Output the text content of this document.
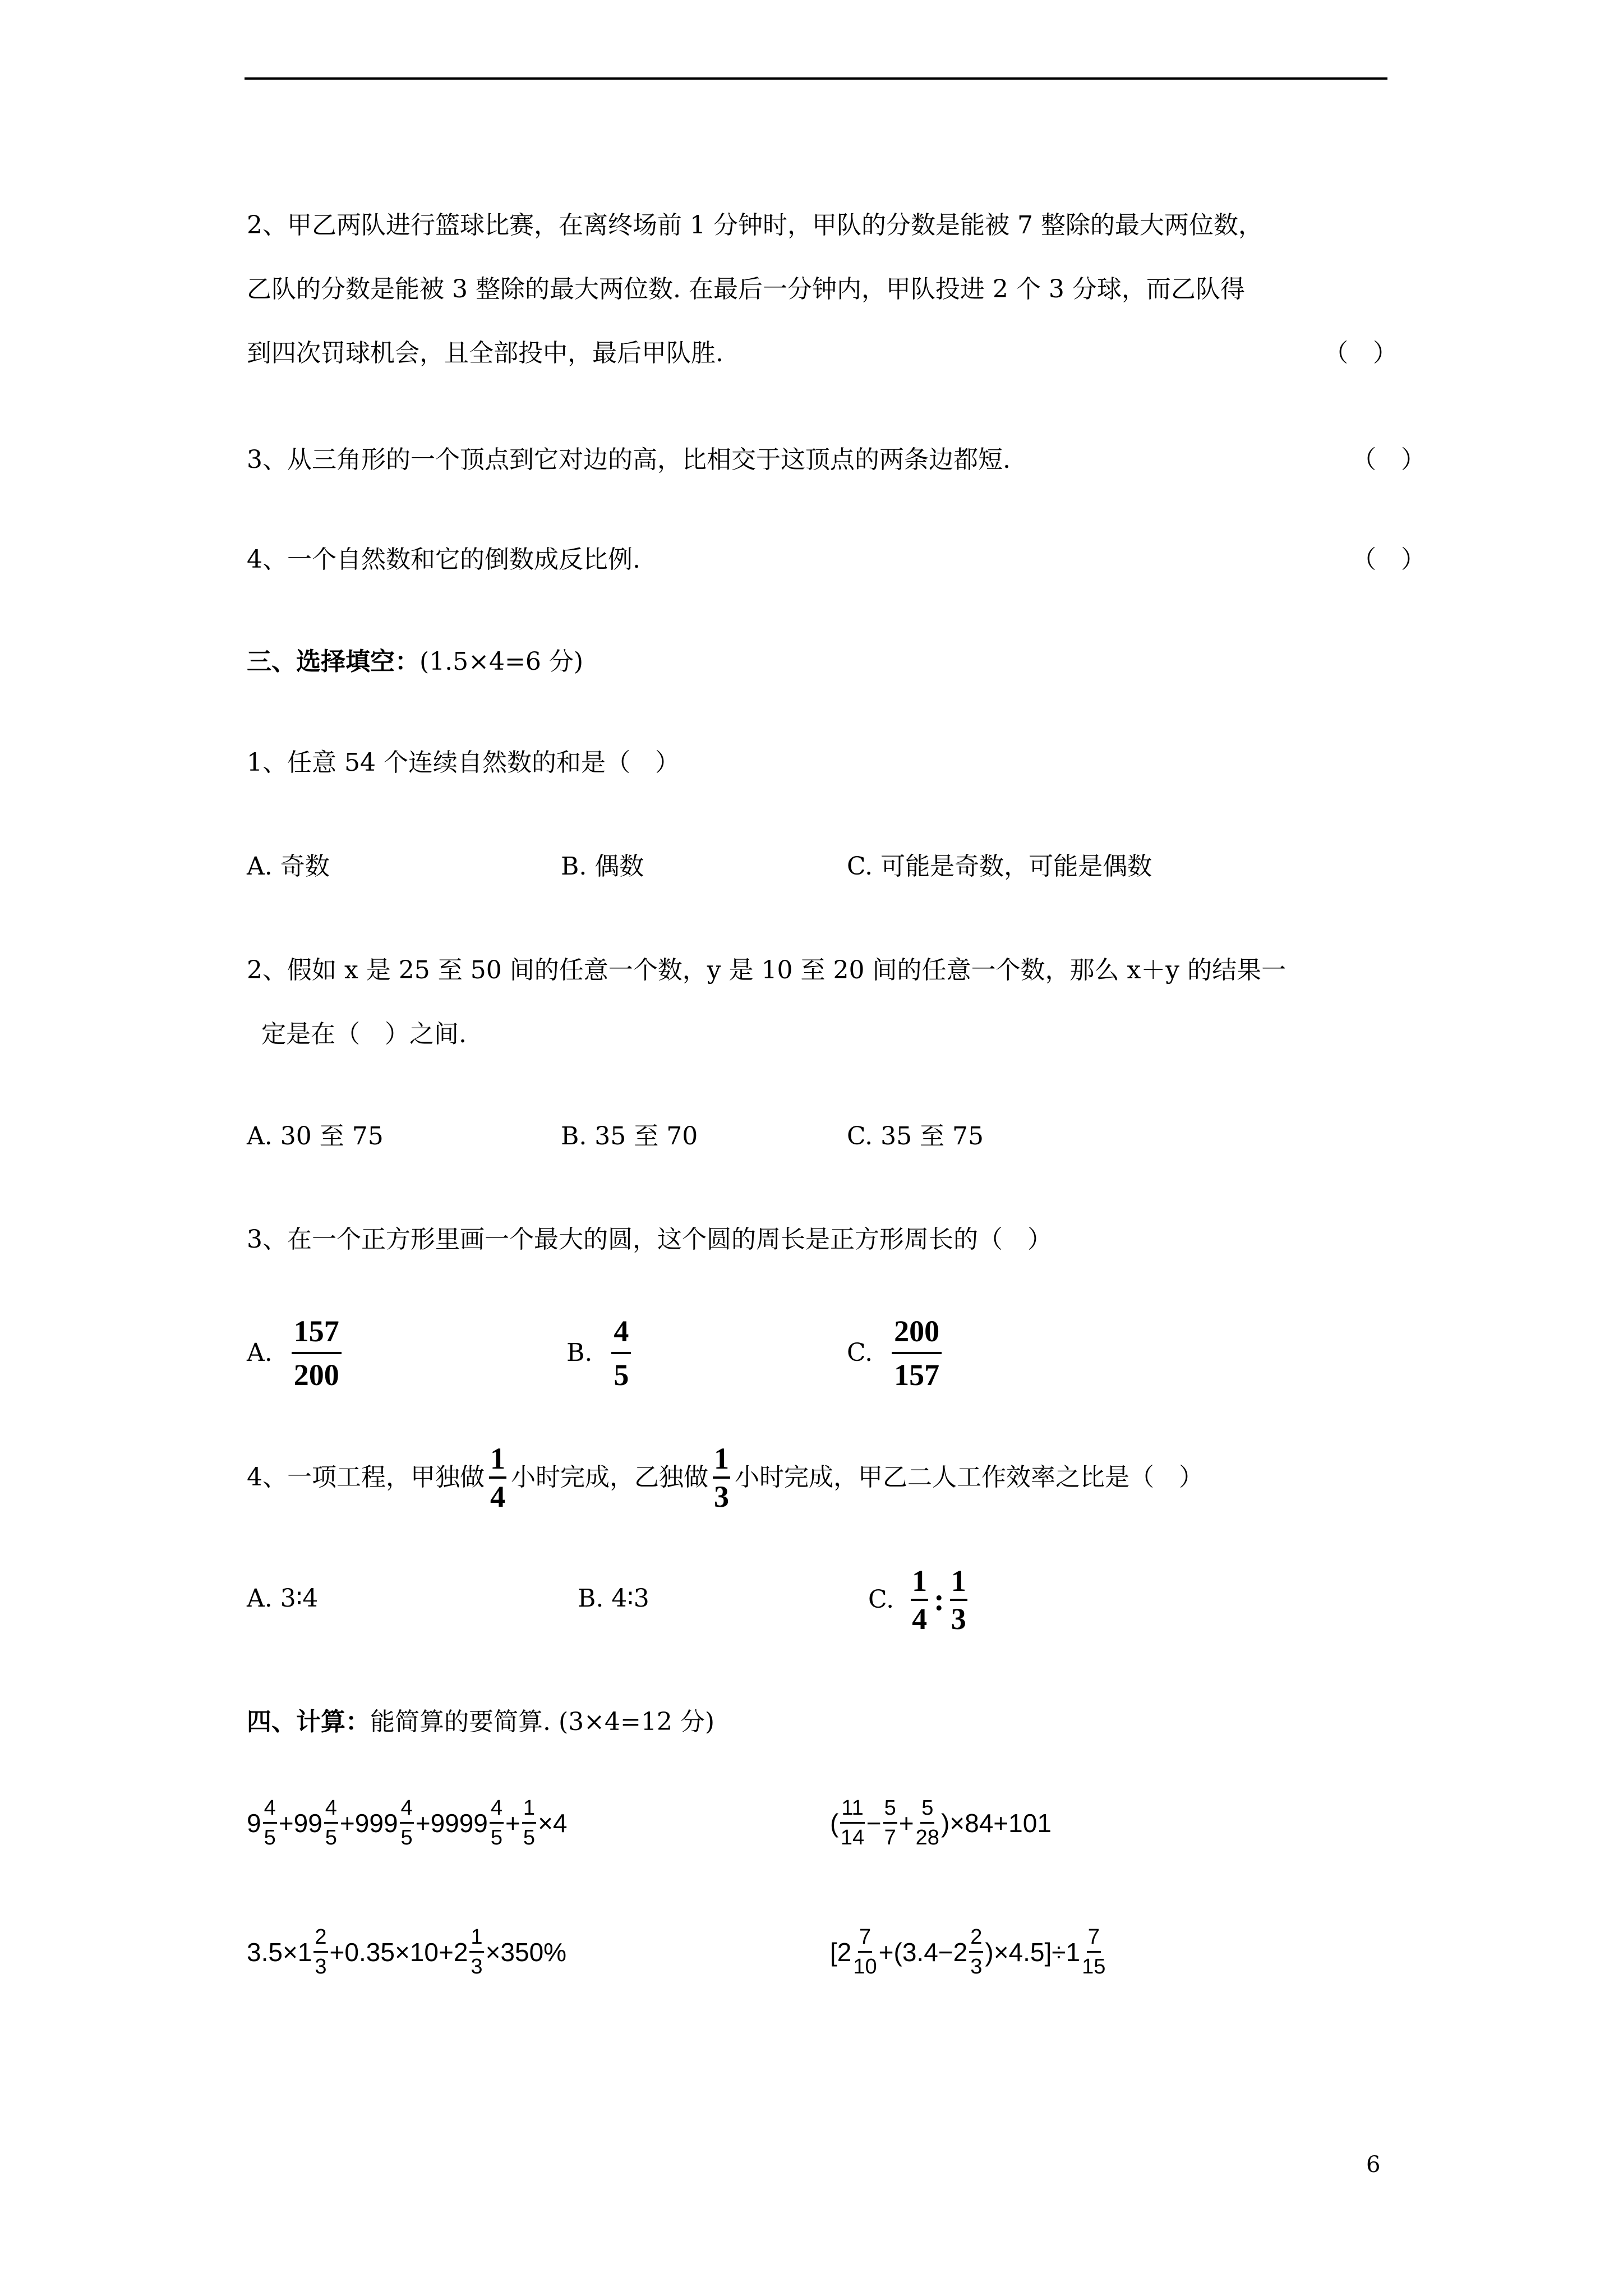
2、甲乙两队进行篮球比赛，在离终场前 1 分钟时，甲队的分数是能被 7 整除的最大两位数，
乙队的分数是能被 3 整除的最大两位数. 在最后一分钟内，甲队投进 2 个 3 分球，而乙队得
到四次罚球机会，且全部投中，最后甲队胜.	（　）
3、从三角形的一个顶点到它对边的高，比相交于这顶点的两条边都短.	（　）
4、一个自然数和它的倒数成反比例.	（　）
三、选择填空：(1.5×4=6 分)
1、任意 54 个连续自然数的和是（　）
A. 奇数	B. 偶数	C. 可能是奇数，可能是偶数
2、假如 x 是 25 至 50 间的任意一个数，y 是 10 至 20 间的任意一个数，那么 x＋y 的结果一
定是在（　）之间.
A. 30 至 75	B. 35 至 70	C. 35 至 75
3、在一个正方形里画一个最大的圆，这个圆的周长是正方形周长的（　）
A. $\frac{157}{200}$	B. $\frac{4}{5}$	C. $\frac{200}{157}$
4、一项工程，甲独做 $\frac{1}{4}$ 小时完成，乙独做 $\frac{1}{3}$ 小时完成，甲乙二人工作效率之比是（　）
A. 3∶4	B. 4∶3	C. $\frac{1}{4}$ : $\frac{1}{3}$
四、计算：能简算的要简算. (3×4=12 分)
$9 \frac{4}{5} + 99 \frac{4}{5} + 999 \frac{4}{5} + 9999 \frac{4}{5} + \frac{1}{5} \times 4$	( $\frac{11}{14} - \frac{5}{7} + \frac{5}{28} )\times 84+101$
$3.5\times 1 \frac{2}{3} +0.35\times 10+2 \frac{1}{3} \times 350\%$	$[2 \frac{7}{10} +(3.4-2 \frac{2}{3} )\times 4.5]\div 1 \frac{7}{15}$
6
